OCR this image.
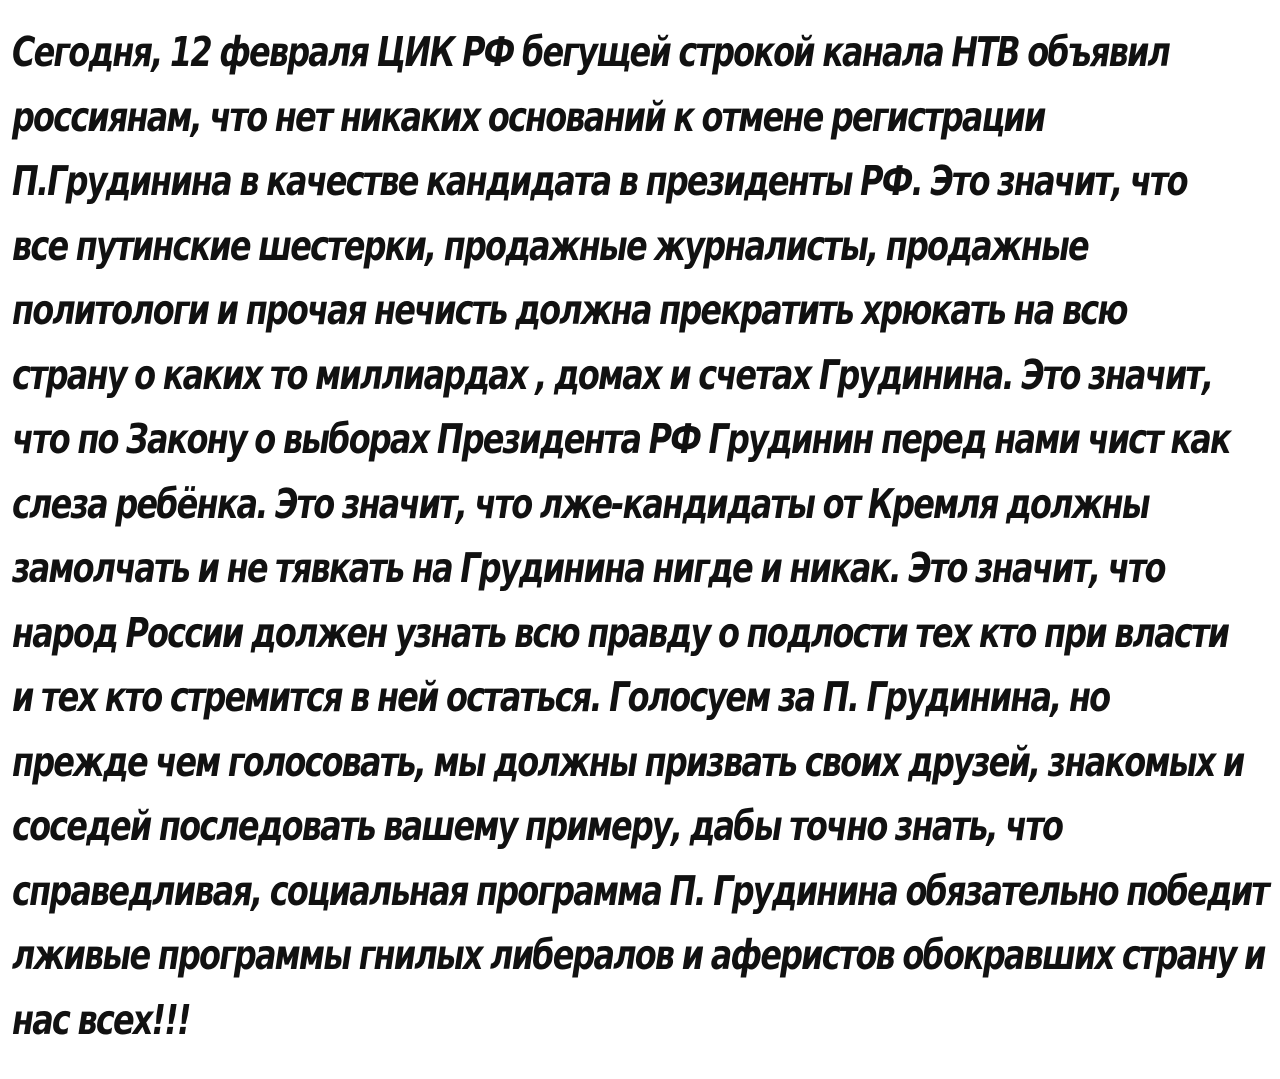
Сегодня, 12 февраля ЦИК РФ бегущей строкой канала НТВ объявил
россиянам, что нет никаких оснований к отмене регистрации
П.Грудинина в качестве кандидата в президенты РФ. Это значит, что
все путинские шестерки, продажные журналисты, продажные
политологи и прочая нечисть должна прекратить хрюкать на всю
страну о каких то миллиардах , домах и счетах Грудинина. Это значит,
что по Закону о выборах Президента РФ Грудинин перед нами чист как
слеза ребёнка. Это значит, что лже-кандидаты от Кремля должны
замолчать и не тявкать на Грудинина нигде и никак. Это значит, что
народ России должен узнать всю правду о подлости тех кто при власти
и тех кто стремится в ней остаться. Голосуем за П. Грудинина, но
прежде чем голосовать, мы должны призвать своих друзей, знакомых и
соседей последовать вашему примеру, дабы точно знать, что
справедливая, социальная программа П. Грудинина обязательно победит
лживые программы гнилых либералов и аферистов обокравших страну и
нас всех!!!
